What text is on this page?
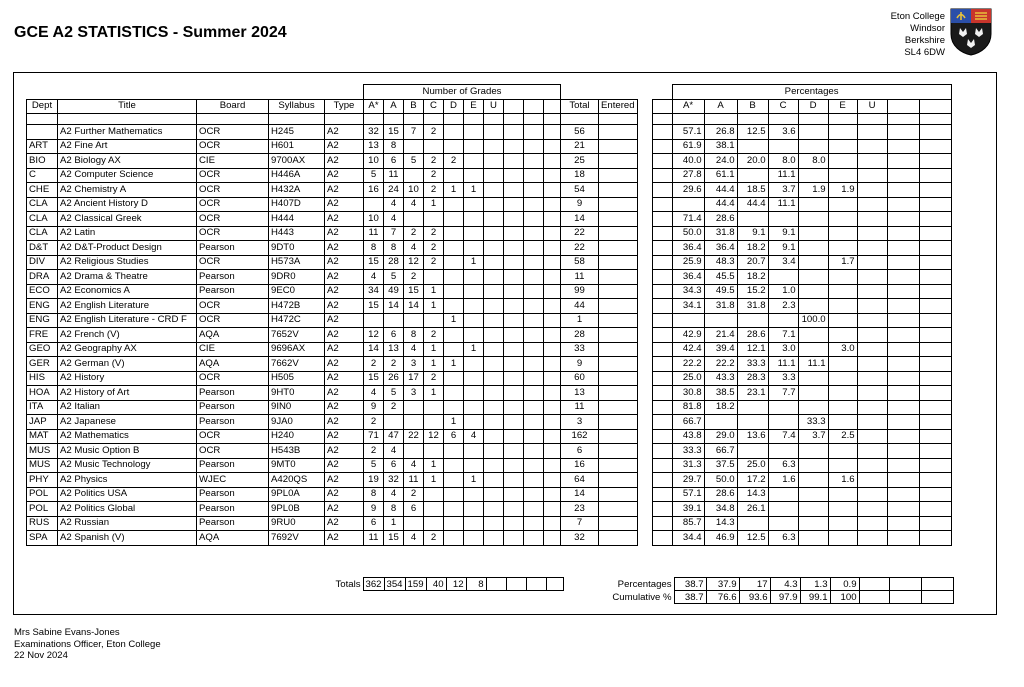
GCE A2 STATISTICS - Summer 2024
Eton College
Windsor
Berkshire
SL4 6DW
					Number of Grades														Percentages								
Dept	Title	Board	Syllabus	Type	A*	A	B	C	D	E	U				Total	Entered			A*	A	B	C	D	E	U		

	A2 Further Mathematics	OCR	H245	A2	32	15	7	2							56				57.1	26.8	12.5	3.6					
ART	A2 Fine Art	OCR	H601	A2	13	8									21				61.9	38.1							
BIO	A2 Biology AX	CIE	9700AX	A2	10	6	5	2	2						25				40.0	24.0	20.0	8.0	8.0				
C	A2 Computer Science	OCR	H446A	A2	5	11		2							18				27.8	61.1		11.1					
CHE	A2 Chemistry A	OCR	H432A	A2	16	24	10	2	1	1					54				29.6	44.4	18.5	3.7	1.9	1.9			
CLA	A2 Ancient History D	OCR	H407D	A2		4	4	1							9					44.4	44.4	11.1					
CLA	A2 Classical Greek	OCR	H444	A2	10	4									14				71.4	28.6							
CLA	A2 Latin	OCR	H443	A2	11	7	2	2							22				50.0	31.8	9.1	9.1					
D&T	A2 D&T-Product Design	Pearson	9DT0	A2	8	8	4	2							22				36.4	36.4	18.2	9.1					
DIV	A2 Religious Studies	OCR	H573A	A2	15	28	12	2		1					58				25.9	48.3	20.7	3.4		1.7			
DRA	A2 Drama & Theatre	Pearson	9DR0	A2	4	5	2								11				36.4	45.5	18.2						
ECO	A2 Economics A	Pearson	9EC0	A2	34	49	15	1							99				34.3	49.5	15.2	1.0					
ENG	A2 English Literature	OCR	H472B	A2	15	14	14	1							44				34.1	31.8	31.8	2.3					
ENG	A2 English Literature - CRD F	OCR	H472C	A2					1						1								100.0				
FRE	A2 French (V)	AQA	7652V	A2	12	6	8	2							28				42.9	21.4	28.6	7.1					
GEO	A2 Geography AX	CIE	9696AX	A2	14	13	4	1		1					33				42.4	39.4	12.1	3.0		3.0			
GER	A2 German (V)	AQA	7662V	A2	2	2	3	1	1						9				22.2	22.2	33.3	11.1	11.1				
HIS	A2 History	OCR	H505	A2	15	26	17	2							60				25.0	43.3	28.3	3.3					
HOA	A2 History of Art	Pearson	9HT0	A2	4	5	3	1							13				30.8	38.5	23.1	7.7					
ITA	A2 Italian	Pearson	9IN0	A2	9	2									11				81.8	18.2							
JAP	A2 Japanese	Pearson	9JA0	A2	2				1						3				66.7				33.3				
MAT	A2 Mathematics	OCR	H240	A2	71	47	22	12	6	4					162				43.8	29.0	13.6	7.4	3.7	2.5			
MUS	A2 Music Option B	OCR	H543B	A2	2	4									6				33.3	66.7							
MUS	A2 Music Technology	Pearson	9MT0	A2	5	6	4	1							16				31.3	37.5	25.0	6.3					
PHY	A2 Physics	WJEC	A420QS	A2	19	32	11	1		1					64				29.7	50.0	17.2	1.6		1.6			
POL	A2 Politics USA	Pearson	9PL0A	A2	8	4	2								14				57.1	28.6	14.3						
POL	A2 Politics Global	Pearson	9PL0B	A2	9	8	6								23				39.1	34.8	26.1						
RUS	A2 Russian	Pearson	9RU0	A2	6	1									7				85.7	14.3							
SPA	A2 Spanish (V)	AQA	7692V	A2	11	15	4	2							32				34.4	46.9	12.5	6.3					
Totals	362	354	159	40	12	8					Percentages	38.7	37.9	17	4.3	1.3	0.9			
											Cumulative %	38.7	76.6	93.6	97.9	99.1	100			
Mrs Sabine Evans-Jones
Examinations Officer, Eton College
22 Nov 2024
